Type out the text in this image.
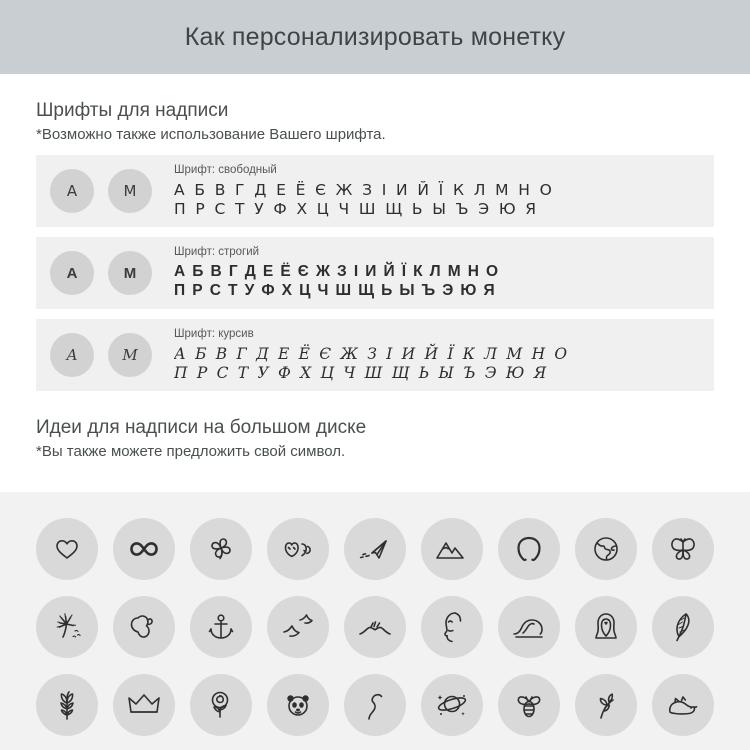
Как персонализировать монетку
Шрифты для надписи
*Возможно также использование Вашего шрифта.
А	М
Шрифт: свободный
А Б В Г Д Е Ё Є Ж З І И Й Ї К Л М Н О
П Р С Т У Ф Х Ц Ч Ш Щ Ь Ы Ъ Э Ю Я
А	М
Шрифт: строгий
А Б В Г Д Е Ё Є Ж З І И Й Ї К Л М Н О
П Р С Т У Ф Х Ц Ч Ш Щ Ь Ы Ъ Э Ю Я
А	М
Шрифт: курсив
А Б В Г Д Е Ё Є Ж З І И Й Ї К Л М Н О
П Р С Т У Ф Х Ц Ч Ш Щ Ь Ы Ъ Э Ю Я
Идеи для надписи на большом диске
*Вы также можете предложить свой символ.
